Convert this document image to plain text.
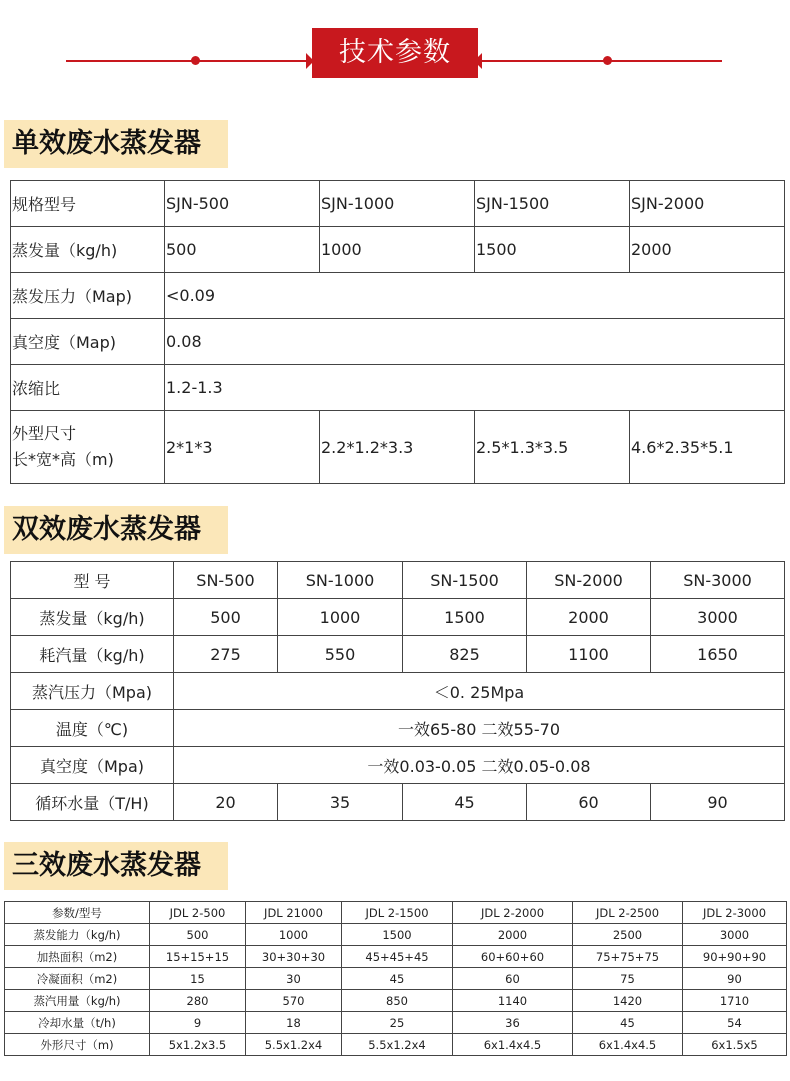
技术参数
单效废水蒸发器
规格型号	SJN-500	SJN-1000	SJN-1500	SJN-2000
蒸发量（kg/h)	500	1000	1500	2000
蒸发压力（Map)	<0.09			
真空度（Map)	0.08			
浓缩比	1.2-1.3			

外型尺寸
长*宽*高（m)	2*1*3	2.2*1.2*3.3	2.5*1.3*3.5	4.6*2.35*5.1
双效废水蒸发器
型 号	SN-500	SN-1000	SN-1500	SN-2000	SN-3000
蒸发量（kg/h)	500	1000	1500	2000	3000
耗汽量（kg/h)	275	550	825	1100	1650
蒸汽压力（Mpa)	＜0. 25Mpa				
温度（℃)	一效65-80 二效55-70				
真空度（Mpa)	一效0.03-0.05 二效0.05-0.08				
循环水量（T/H)	20	35	45	60	90
三效废水蒸发器
参数/型号	JDL 2-500	JDL 21000	JDL 2-1500	JDL 2-2000	JDL 2-2500	JDL 2-3000
蒸发能力（kg/h)	500	1000	1500	2000	2500	3000
加热面积（m2)	15+15+15	30+30+30	45+45+45	60+60+60	75+75+75	90+90+90
冷凝面积（m2)	15	30	45	60	75	90
蒸汽用量（kg/h)	280	570	850	1140	1420	1710
冷却水量（t/h)	9	18	25	36	45	54
外形尺寸（m)	5x1.2x3.5	5.5x1.2x4	5.5x1.2x4	6x1.4x4.5	6x1.4x4.5	6x1.5x5
